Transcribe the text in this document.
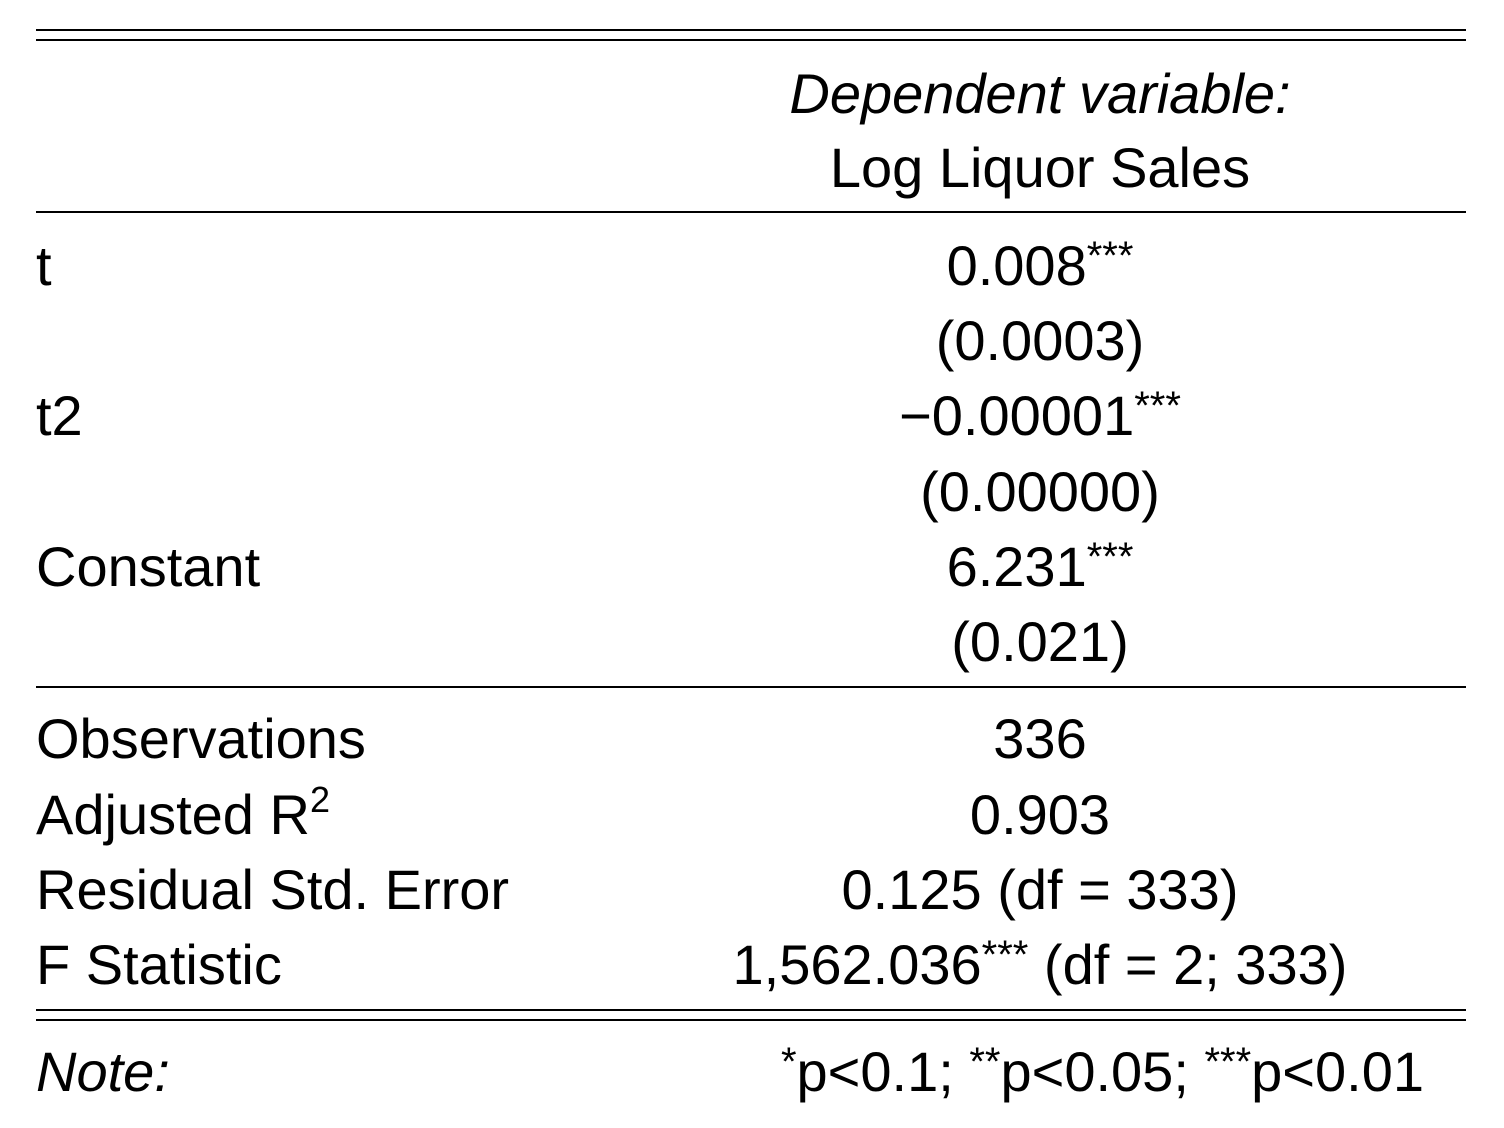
Dependent variable:
Log Liquor Sales
t	0.008***
(0.0003)
t2	−0.00001***
(0.00000)
Constant	6.231***
(0.021)
Observations	336
Adjusted $R^2$	0.903
Residual Std. Error	0.125 (df = 333)
F Statistic	1,562.036*** (df = 2; 333)
Note:	*p<0.1; **p<0.05; ***p<0.01
